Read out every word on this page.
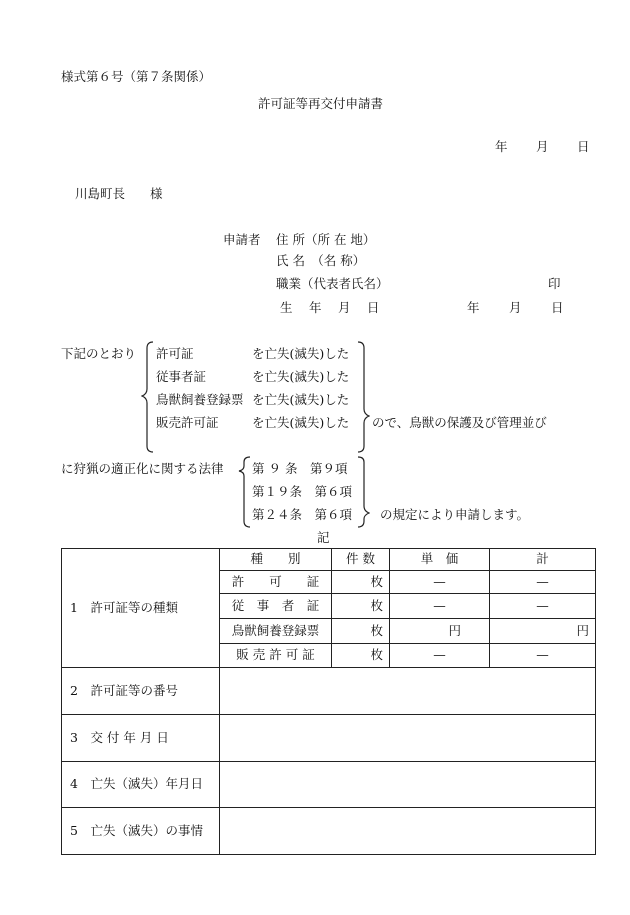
様式第６号（第７条関係）
許可証等再交付申請書
年 月 日
川島町長　　様
申請者 住 所（所 在 地）
氏 名　（名 称）
職業（代表者氏名）	印
生　 年　 月　 日	年 月 日
下記のとおり 許可証	を亡失(滅失)した
従事者証	を亡失(滅失)した
鳥獣飼養登録票 を亡失(滅失)した
販売許可証	を亡失(滅失)した ので、鳥獣の保護及び管理並び
に狩猟の適正化に関する法律 第 ９ 条　第９項
第１９条　第６項
第２４条　第６項 の規定により申請します。
記
1　許可証等の種類	種　　別	件 数	単　価	計
	許　　可　　証	枚	—	—
	従　事　者　証	枚	—	—
	鳥獣飼養登録票	枚	円	円
	販 売 許 可 証	枚	—	—
2　許可証等の番号				
3　交 付 年 月 日				
4　亡失（滅失）年月日				
5　亡失（滅失）の事情				
